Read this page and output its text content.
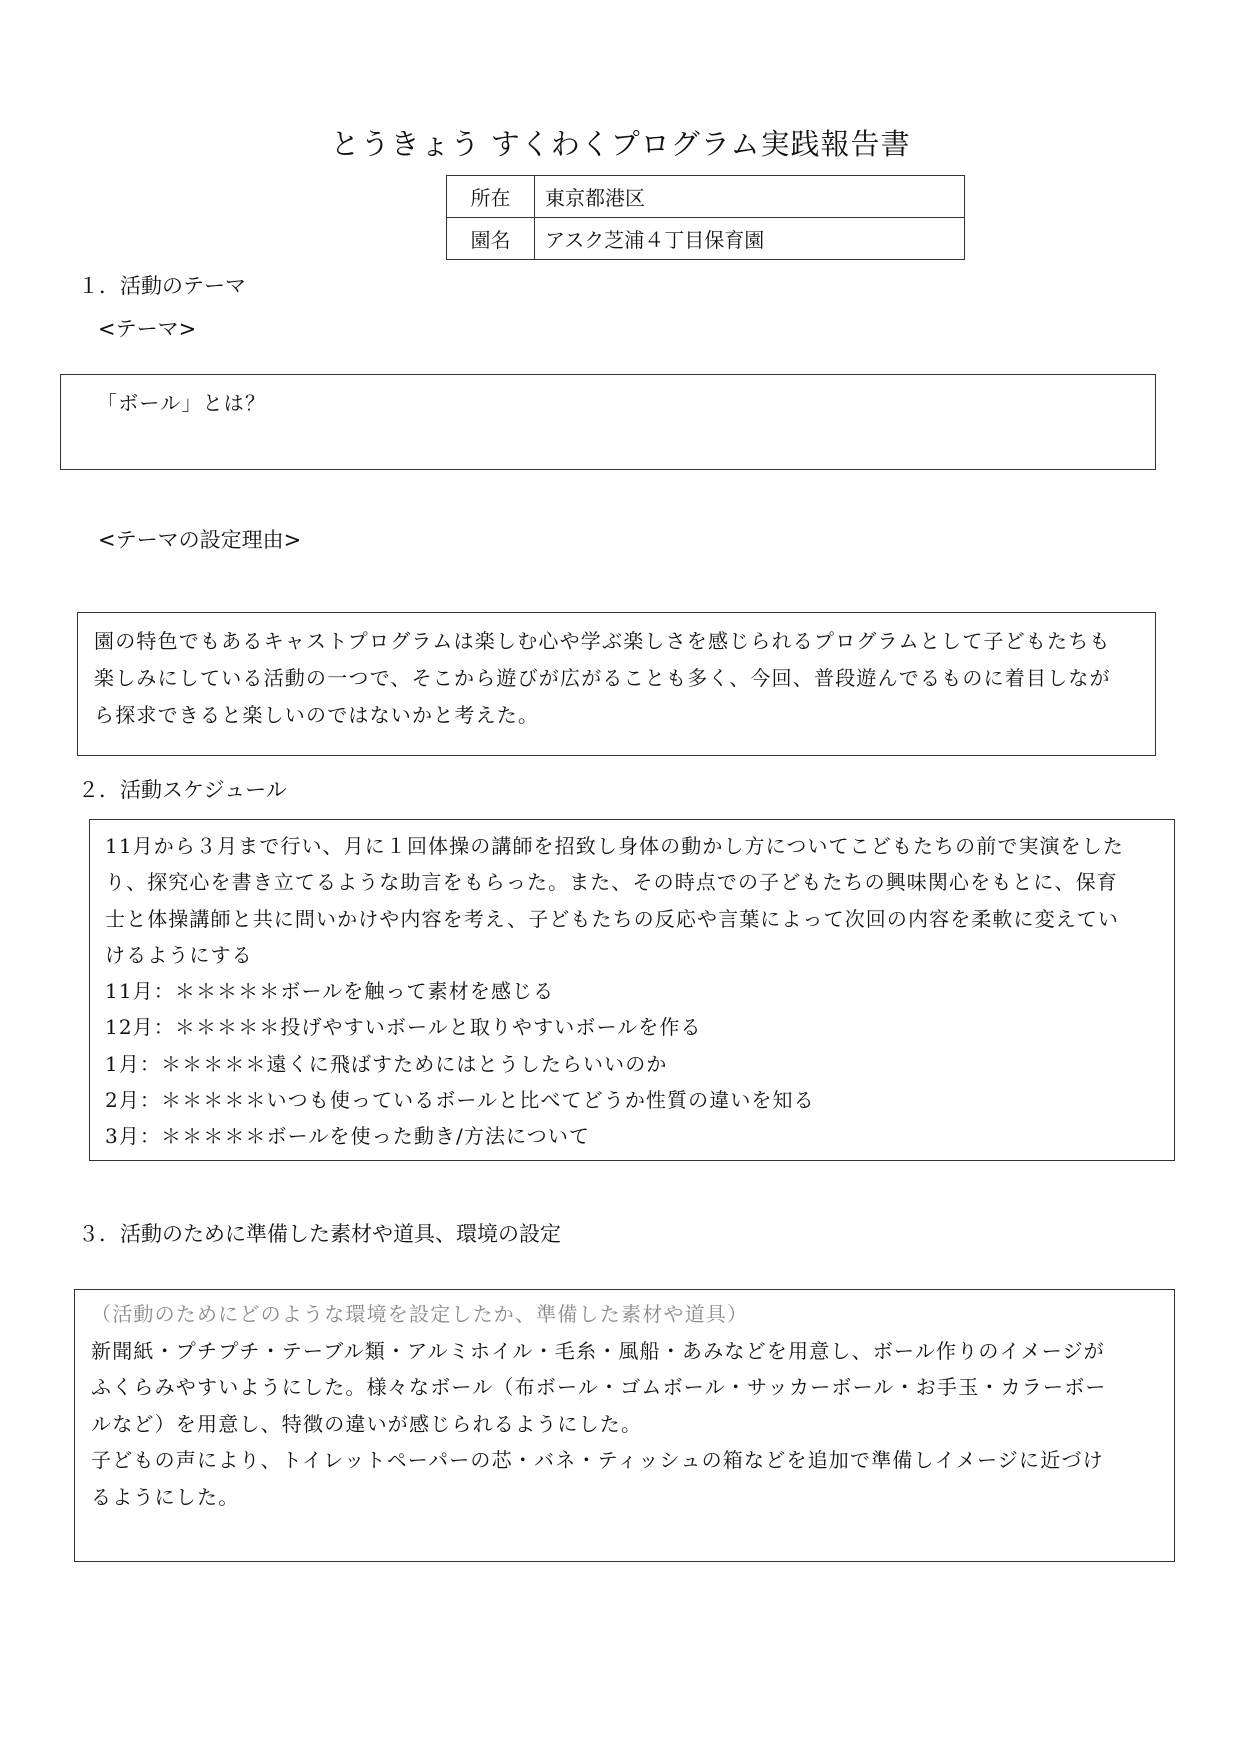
とうきょう すくわくプログラム実践報告書
所在	東京都港区
園名	アスク芝浦４丁目保育園
１．活動のテーマ
<テーマ>
「ボール」とは？
<テーマの設定理由>
園の特色でもあるキャストプログラムは楽しむ心や学ぶ楽しさを感じられるプログラムとして子どもたちも
楽しみにしている活動の一つで、そこから遊びが広がることも多く、今回、普段遊んでるものに着目しなが
ら探求できると楽しいのではないかと考えた。
２．活動スケジュール
11月から３月まで行い、月に１回体操の講師を招致し身体の動かし方についてこどもたちの前で実演をした
り、探究心を書き立てるような助言をもらった。また、その時点での子どもたちの興味関心をもとに、保育
士と体操講師と共に問いかけや内容を考え、子どもたちの反応や言葉によって次回の内容を柔軟に変えてい
けるようにする
11月：＊＊＊＊＊ボールを触って素材を感じる
12月：＊＊＊＊＊投げやすいボールと取りやすいボールを作る
1月：＊＊＊＊＊遠くに飛ばすためにはとうしたらいいのか
2月：＊＊＊＊＊いつも使っているボールと比べてどうか性質の違いを知る
3月：＊＊＊＊＊ボールを使った動き/方法について
３．活動のために準備した素材や道具、環境の設定
（活動のためにどのような環境を設定したか、準備した素材や道具）
新聞紙・プチプチ・テーブル類・アルミホイル・毛糸・風船・あみなどを用意し、ボール作りのイメージが
ふくらみやすいようにした。様々なボール（布ボール・ゴムボール・サッカーボール・お手玉・カラーボー
ルなど）を用意し、特徴の違いが感じられるようにした。
子どもの声により、トイレットペーパーの芯・バネ・ティッシュの箱などを追加で準備しイメージに近づけ
るようにした。
